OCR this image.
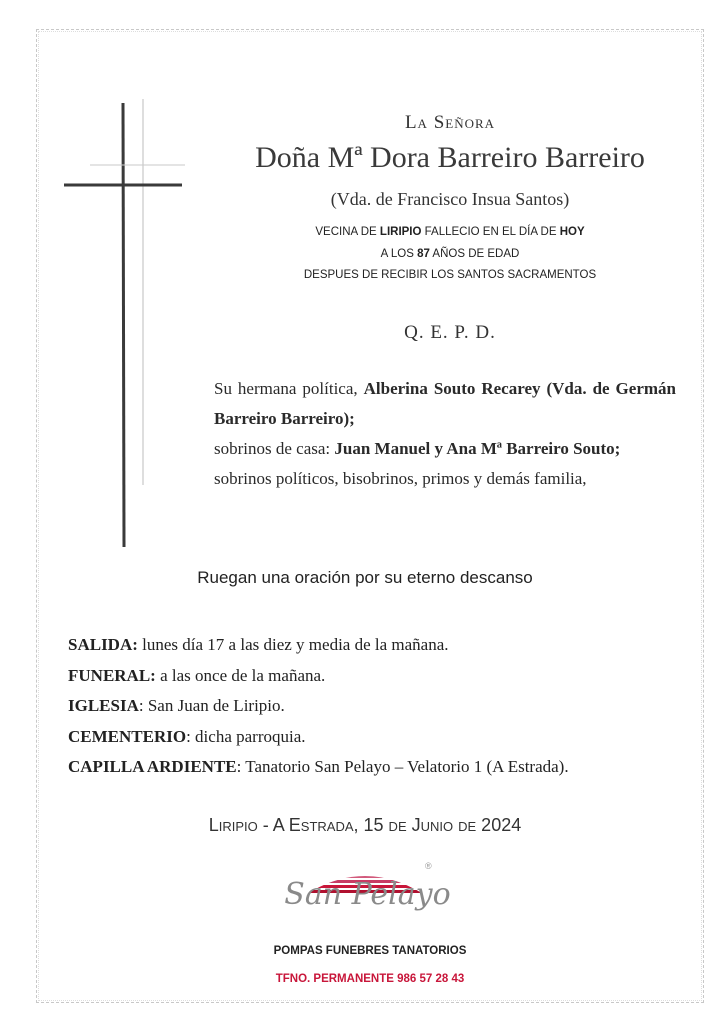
La Señora
Doña Mª Dora Barreiro Barreiro
(Vda. de Francisco Insua Santos)
VECINA DE LIRIPIO FALLECIO EN EL DÍA DE HOY
A LOS 87 AÑOS DE EDAD
DESPUES DE RECIBIR LOS SANTOS SACRAMENTOS
Q. E. P. D.
Su hermana política, Alberina Souto Recarey (Vda. de Germán Barreiro Barreiro);
sobrinos de casa: Juan Manuel y Ana Mª Barreiro Souto;
sobrinos políticos, bisobrinos, primos y demás familia,
Ruegan una oración por su eterno descanso
SALIDA: lunes día 17 a las diez y media de la mañana.
FUNERAL: a las once de la mañana.
IGLESIA: San Juan de Liripio.
CEMENTERIO: dicha parroquia.
CAPILLA ARDIENTE: Tanatorio San Pelayo – Velatorio 1 (A Estrada).
Liripio - A Estrada, 15 de Junio de 2024
®
San Pelayo
POMPAS FUNEBRES TANATORIOS
TFNO. PERMANENTE 986 57 28 43
